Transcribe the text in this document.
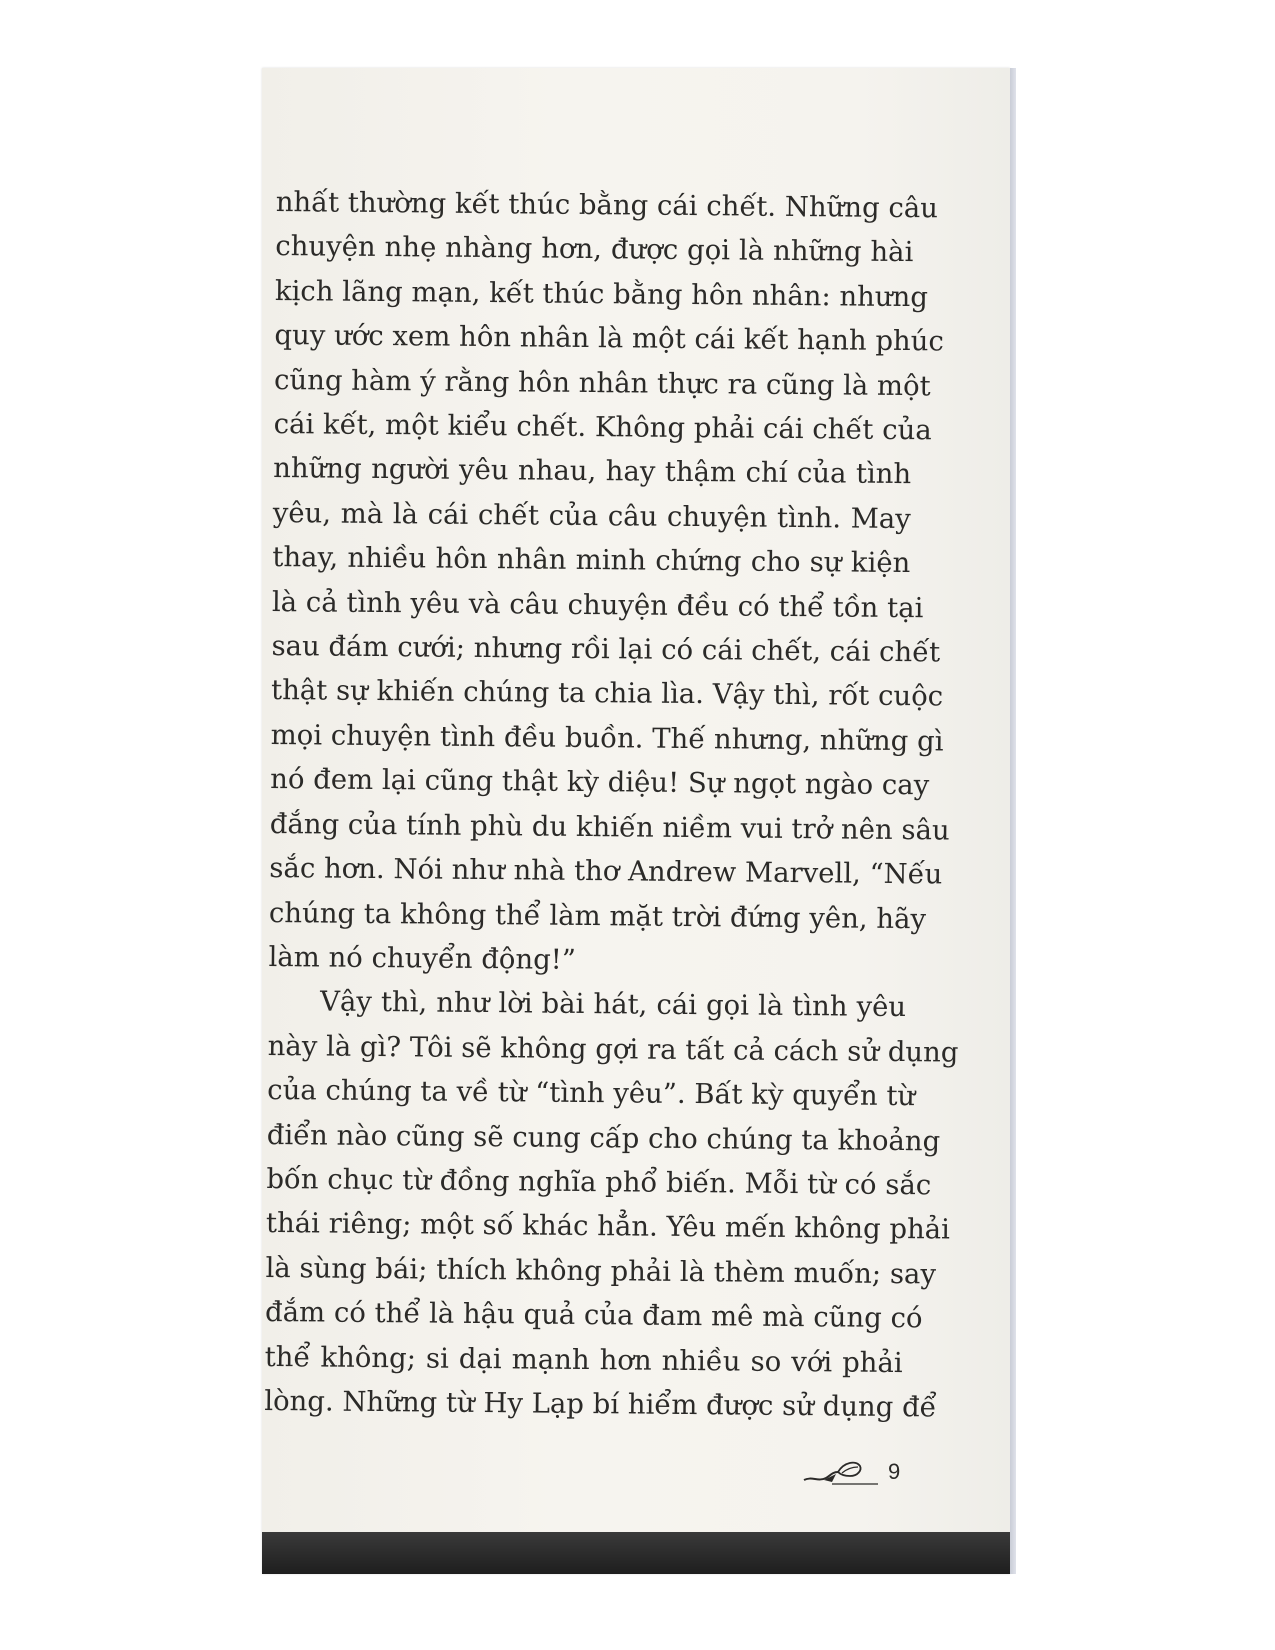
nhất thường kết thúc bằng cái chết. Những câu
chuyện nhẹ nhàng hơn, được gọi là những hài
kịch lãng mạn, kết thúc bằng hôn nhân: nhưng
quy ước xem hôn nhân là một cái kết hạnh phúc
cũng hàm ý rằng hôn nhân thực ra cũng là một
cái kết, một kiểu chết. Không phải cái chết của
những người yêu nhau, hay thậm chí của tình
yêu, mà là cái chết của câu chuyện tình. May
thay, nhiều hôn nhân minh chứng cho sự kiện
là cả tình yêu và câu chuyện đều có thể tồn tại
sau đám cưới; nhưng rồi lại có cái chết, cái chết
thật sự khiến chúng ta chia lìa. Vậy thì, rốt cuộc
mọi chuyện tình đều buồn. Thế nhưng, những gì
nó đem lại cũng thật kỳ diệu! Sự ngọt ngào cay
đắng của tính phù du khiến niềm vui trở nên sâu
sắc hơn. Nói như nhà thơ Andrew Marvell, “Nếu
chúng ta không thể làm mặt trời đứng yên, hãy
làm nó chuyển động!”
Vậy thì, như lời bài hát, cái gọi là tình yêu
này là gì? Tôi sẽ không gợi ra tất cả cách sử dụng
của chúng ta về từ “tình yêu”. Bất kỳ quyển từ
điển nào cũng sẽ cung cấp cho chúng ta khoảng
bốn chục từ đồng nghĩa phổ biến. Mỗi từ có sắc
thái riêng; một số khác hẳn. Yêu mến không phải
là sùng bái; thích không phải là thèm muốn; say
đắm có thể là hậu quả của đam mê mà cũng có
thể không; si dại mạnh hơn nhiều so với phải
lòng. Những từ Hy Lạp bí hiểm được sử dụng để
9
